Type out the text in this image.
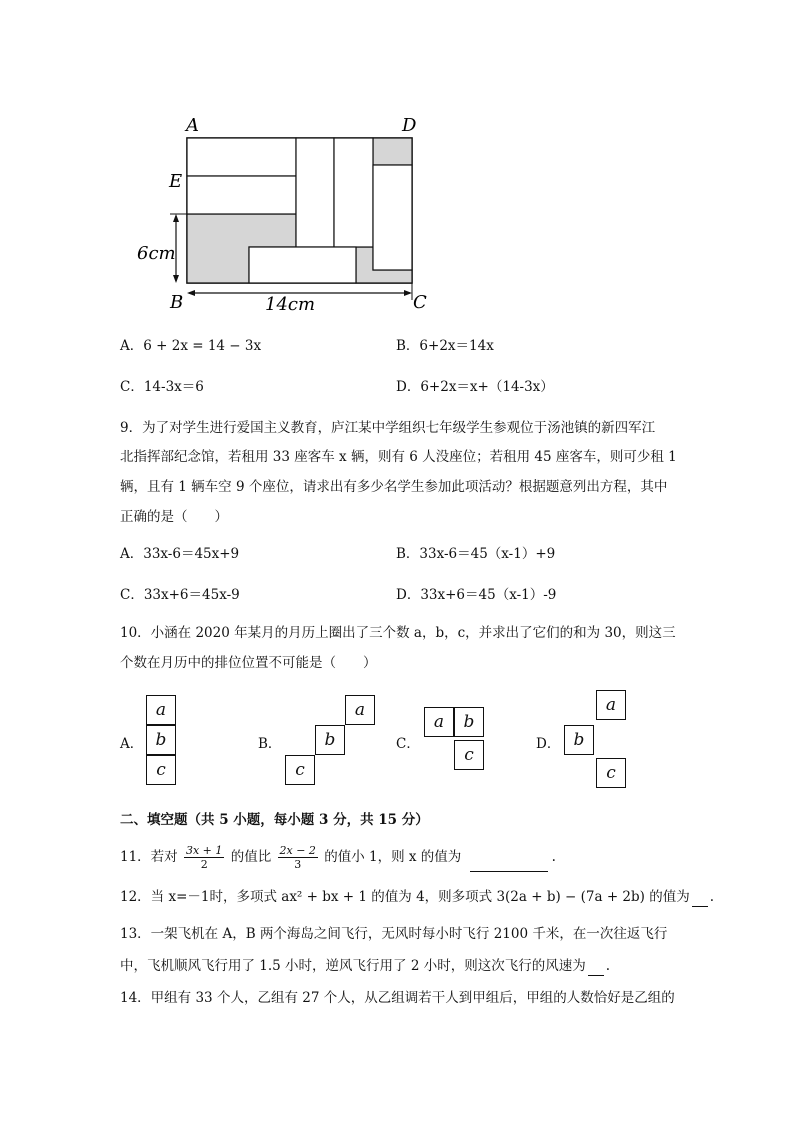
A	D
E
B	C
6cm
14cm
A．6 + 2x = 14 − 3x	B．6+2x＝14x
C．14-3x＝6	D．6+2x＝x+（14-3x）
9．为了对学生进行爱国主义教育，庐江某中学组织七年级学生参观位于汤池镇的新四军江
北指挥部纪念馆，若租用 33 座客车 x 辆，则有 6 人没座位；若租用 45 座客车，则可少租 1
辆，且有 1 辆车空 9 个座位，请求出有多少名学生参加此项活动？根据题意列出方程，其中
正确的是（　　）
A．33x-6＝45x+9	B．33x-6＝45（x-1）+9
C．33x+6＝45x-9	D．33x+6＝45（x-1）-9
10．小涵在 2020 年某月的月历上圈出了三个数 a，b，c，并求出了它们的和为 30，则这三
个数在月历中的排位位置不可能是（　　）
A．
a
b
c
B．
a
b
c
C．
a	b
c
D．
a
b
c
二、填空题（共 5 小题，每小题 3 分，共 15 分）
11．若对 $\frac{3x + 1}{2}$ 的值比 $\frac{2x - 2}{3}$ 的值小 1，则 x 的值为	.
12．当 x=－1时，多项式 ax² + bx + 1 的值为 4，则多项式 3(2a + b) − (7a + 2b) 的值为 .
13．一架飞机在 A，B 两个海岛之间飞行，无风时每小时飞行 2100 千米，在一次往返飞行
中，飞机顺风飞行用了 1.5 小时，逆风飞行用了 2 小时，则这次飞行的风速为 .
14．甲组有 33 个人，乙组有 27 个人，从乙组调若干人到甲组后，甲组的人数恰好是乙组的
